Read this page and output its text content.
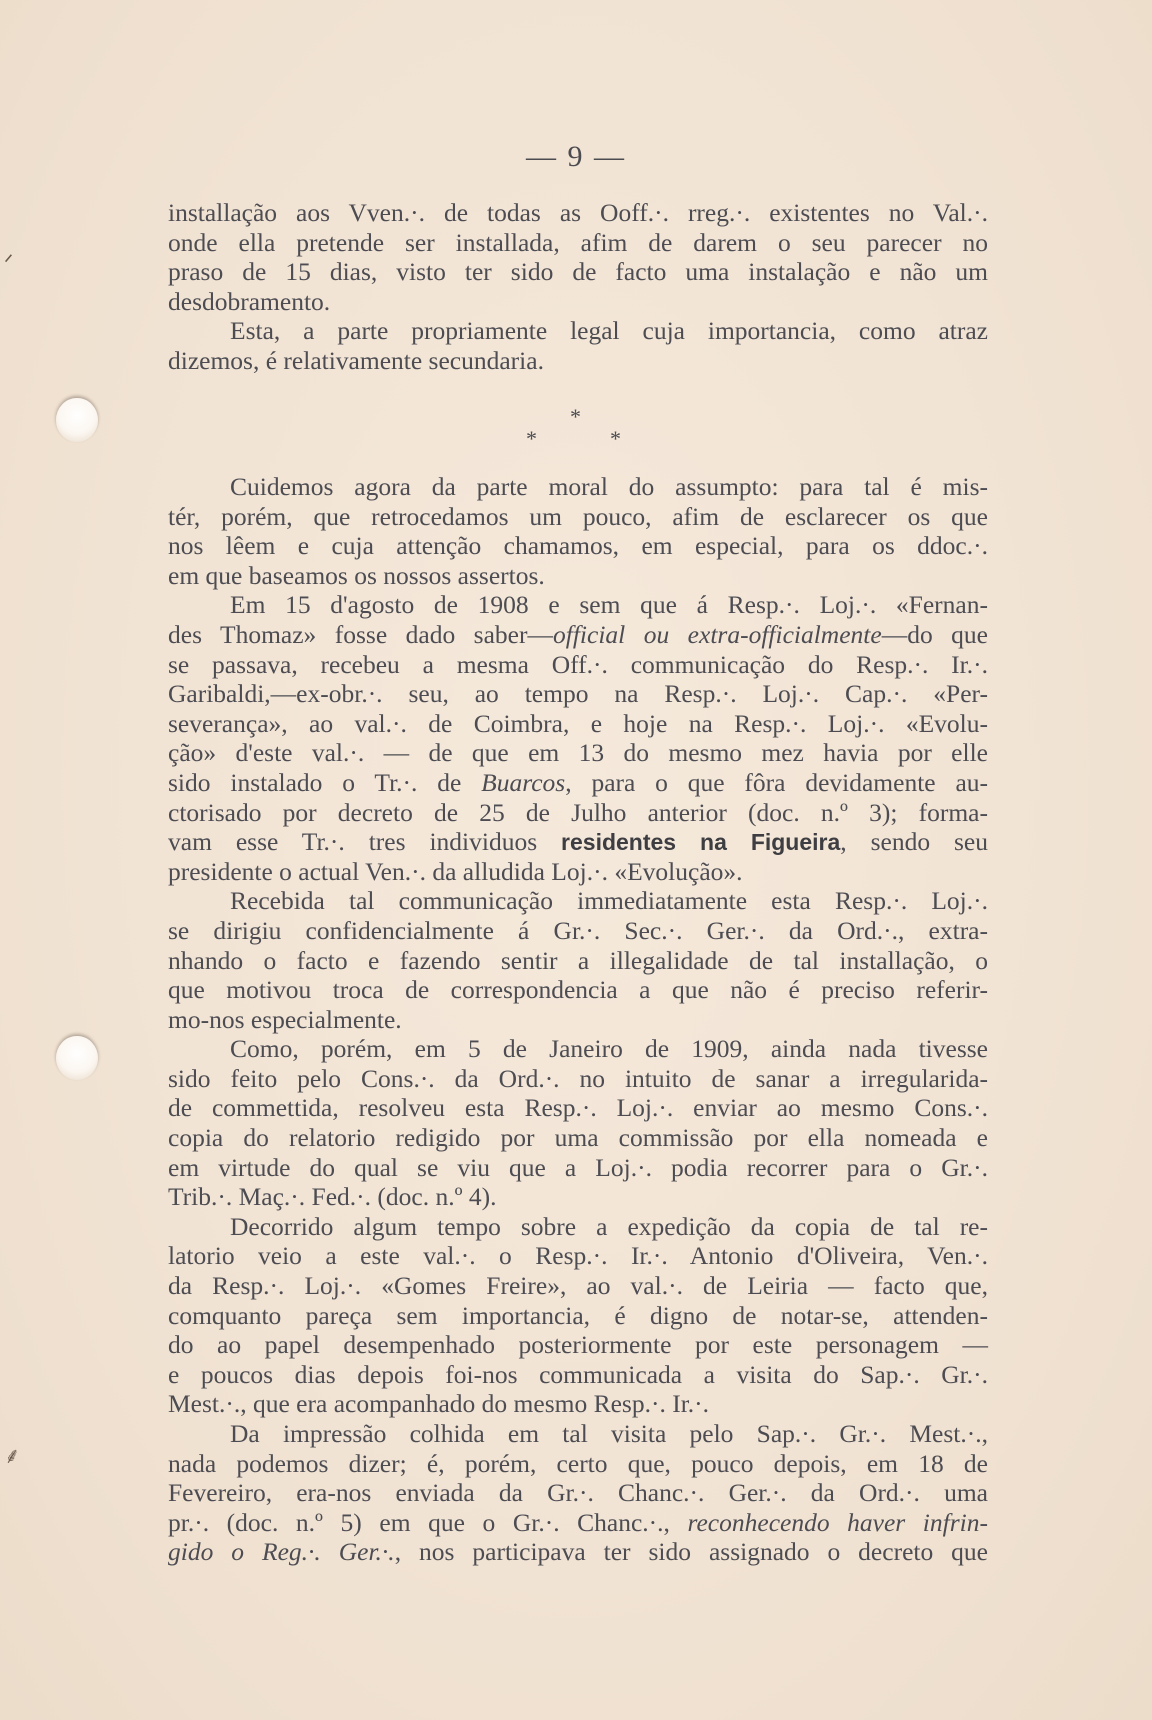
ᐟ
⸙
— 9 —
installação aos Vven.·. de todas as Ooff.·. rreg.·. existentes no Val.·.
onde ella pretende ser installada, afim de darem o seu parecer no
praso de 15 dias, visto ter sido de facto uma instalação e não um
desdobramento.
Esta, a parte propriamente legal cuja importancia, como atraz
dizemos, é relativamente secundaria.
*
*	*
Cuidemos agora da parte moral do assumpto: para tal é mis-
tér, porém, que retrocedamos um pouco, afim de esclarecer os que
nos lêem e cuja attenção chamamos, em especial, para os ddoc.·.
em que baseamos os nossos assertos.
Em 15 d'agosto de 1908 e sem que á Resp.·. Loj.·. «Fernan-
des Thomaz» fosse dado saber—official ou extra-officialmente—do que
se passava, recebeu a mesma Off.·. communicação do Resp.·. Ir.·.
Garibaldi,—ex-obr.·. seu, ao tempo na Resp.·. Loj.·. Cap.·. «Per-
severança», ao val.·. de Coimbra, e hoje na Resp.·. Loj.·. «Evolu-
ção» d'este val.·. — de que em 13 do mesmo mez havia por elle
sido instalado o Tr.·. de Buarcos, para o que fôra devidamente au-
ctorisado por decreto de 25 de Julho anterior (doc. n.º 3); forma-
vam esse Tr.·. tres individuos residentes na Figueira, sendo seu
presidente o actual Ven.·. da alludida Loj.·. «Evolução».
Recebida tal communicação immediatamente esta Resp.·. Loj.·.
se dirigiu confidencialmente á Gr.·. Sec.·. Ger.·. da Ord.·., extra-
nhando o facto e fazendo sentir a illegalidade de tal installação, o
que motivou troca de correspondencia a que não é preciso referir-
mo-nos especialmente.
Como, porém, em 5 de Janeiro de 1909, ainda nada tivesse
sido feito pelo Cons.·. da Ord.·. no intuito de sanar a irregularida-
de commettida, resolveu esta Resp.·. Loj.·. enviar ao mesmo Cons.·.
copia do relatorio redigido por uma commissão por ella nomeada e
em virtude do qual se viu que a Loj.·. podia recorrer para o Gr.·.
Trib.·. Maç.·. Fed.·. (doc. n.º 4).
Decorrido algum tempo sobre a expedição da copia de tal re-
latorio veio a este val.·. o Resp.·. Ir.·. Antonio d'Oliveira, Ven.·.
da Resp.·. Loj.·. «Gomes Freire», ao val.·. de Leiria — facto que,
comquanto pareça sem importancia, é digno de notar-se, attenden-
do ao papel desempenhado posteriormente por este personagem —
e poucos dias depois foi-nos communicada a visita do Sap.·. Gr.·.
Mest.·., que era acompanhado do mesmo Resp.·. Ir.·.
Da impressão colhida em tal visita pelo Sap.·. Gr.·. Mest.·.,
nada podemos dizer; é, porém, certo que, pouco depois, em 18 de
Fevereiro, era-nos enviada da Gr.·. Chanc.·. Ger.·. da Ord.·. uma
pr.·. (doc. n.º 5) em que o Gr.·. Chanc.·., reconhecendo haver infrin-
gido o Reg.·. Ger.·., nos participava ter sido assignado o decreto que
